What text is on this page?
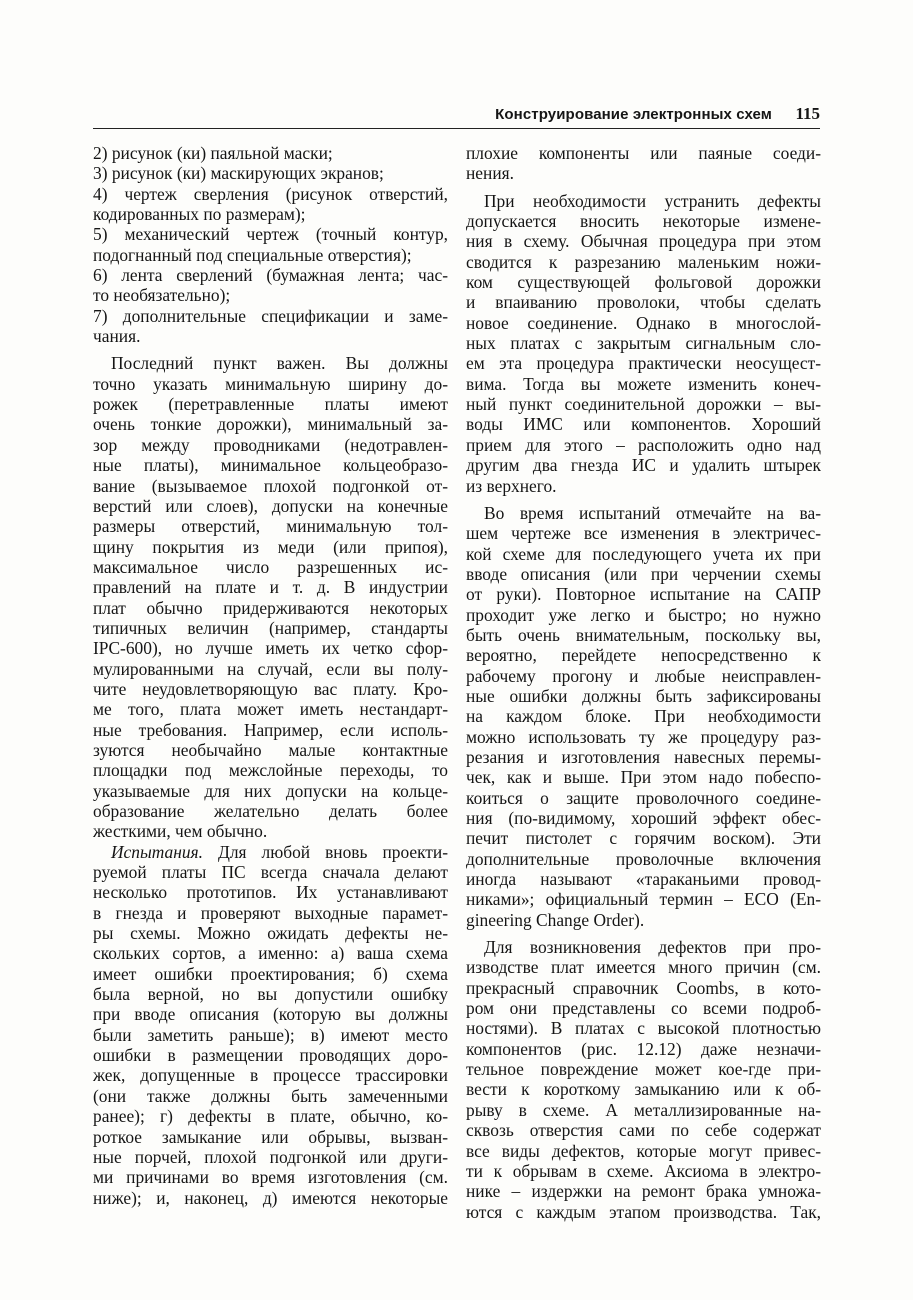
Конструирование электронных схем 115
2) рисунок (ки) паяльной маски;
3) рисунок (ки) маскирующих экранов;
4) чертеж сверления (рисунок отверстий,
кодированных по размерам);
5) механический чертеж (точный контур,
подогнанный под специальные отверстия);
6) лента сверлений (бумажная лента; час-
то необязательно);
7) дополнительные спецификации и заме-
чания.
Последний пункт важен. Вы должны
точно указать минимальную ширину до-
рожек (перетравленные платы имеют
очень тонкие дорожки), минимальный за-
зор между проводниками (недотравлен-
ные платы), минимальное кольцеобразо-
вание (вызываемое плохой подгонкой от-
верстий или слоев), допуски на конечные
размеры отверстий, минимальную тол-
щину покрытия из меди (или припоя),
максимальное число разрешенных ис-
правлений на плате и т. д. В индустрии
плат обычно придерживаются некоторых
типичных величин (например, стандарты
IPC-600), но лучше иметь их четко сфор-
мулированными на случай, если вы полу-
чите неудовлетворяющую вас плату. Кро-
ме того, плата может иметь нестандарт-
ные требования. Например, если исполь-
зуются необычайно малые контактные
площадки под межслойные переходы, то
указываемые для них допуски на кольце-
образование желательно делать более
жесткими, чем обычно.
Испытания. Для любой вновь проекти-
руемой платы ПС всегда сначала делают
несколько прототипов. Их устанавливают
в гнезда и проверяют выходные парамет-
ры схемы. Можно ожидать дефекты не-
скольких сортов, а именно: а) ваша схема
имеет ошибки проектирования; б) схема
была верной, но вы допустили ошибку
при вводе описания (которую вы должны
были заметить раньше); в) имеют место
ошибки в размещении проводящих доро-
жек, допущенные в процессе трассировки
(они также должны быть замеченными
ранее); г) дефекты в плате, обычно, ко-
роткое замыкание или обрывы, вызван-
ные порчей, плохой подгонкой или други-
ми причинами во время изготовления (см.
ниже); и, наконец, д) имеются некоторые
плохие компоненты или паяные соеди-
нения.
При необходимости устранить дефекты
допускается вносить некоторые измене-
ния в схему. Обычная процедура при этом
сводится к разрезанию маленьким ножи-
ком существующей фольговой дорожки
и впаиванию проволоки, чтобы сделать
новое соединение. Однако в многослой-
ных платах с закрытым сигнальным сло-
ем эта процедура практически неосущест-
вима. Тогда вы можете изменить конеч-
ный пункт соединительной дорожки – вы-
воды ИМС или компонентов. Хороший
прием для этого – расположить одно над
другим два гнезда ИС и удалить штырек
из верхнего.
Во время испытаний отмечайте на ва-
шем чертеже все изменения в электричес-
кой схеме для последующего учета их при
вводе описания (или при черчении схемы
от руки). Повторное испытание на САПР
проходит уже легко и быстро; но нужно
быть очень внимательным, поскольку вы,
вероятно, перейдете непосредственно к
рабочему прогону и любые неисправлен-
ные ошибки должны быть зафиксированы
на каждом блоке. При необходимости
можно использовать ту же процедуру раз-
резания и изготовления навесных перемы-
чек, как и выше. При этом надо побеспо-
коиться о защите проволочного соедине-
ния (по-видимому, хороший эффект обес-
печит пистолет с горячим воском). Эти
дополнительные проволочные включения
иногда называют «тараканьими провод-
никами»; официальный термин – ECO (En-
gineering Change Order).
Для возникновения дефектов при про-
изводстве плат имеется много причин (см.
прекрасный справочник Coombs, в кото-
ром они представлены со всеми подроб-
ностями). В платах с высокой плотностью
компонентов (рис. 12.12) даже незначи-
тельное повреждение может кое-где при-
вести к короткому замыканию или к об-
рыву в схеме. А металлизированные на-
сквозь отверстия сами по себе содержат
все виды дефектов, которые могут привес-
ти к обрывам в схеме. Аксиома в электро-
нике – издержки на ремонт брака умножа-
ются с каждым этапом производства. Так,
